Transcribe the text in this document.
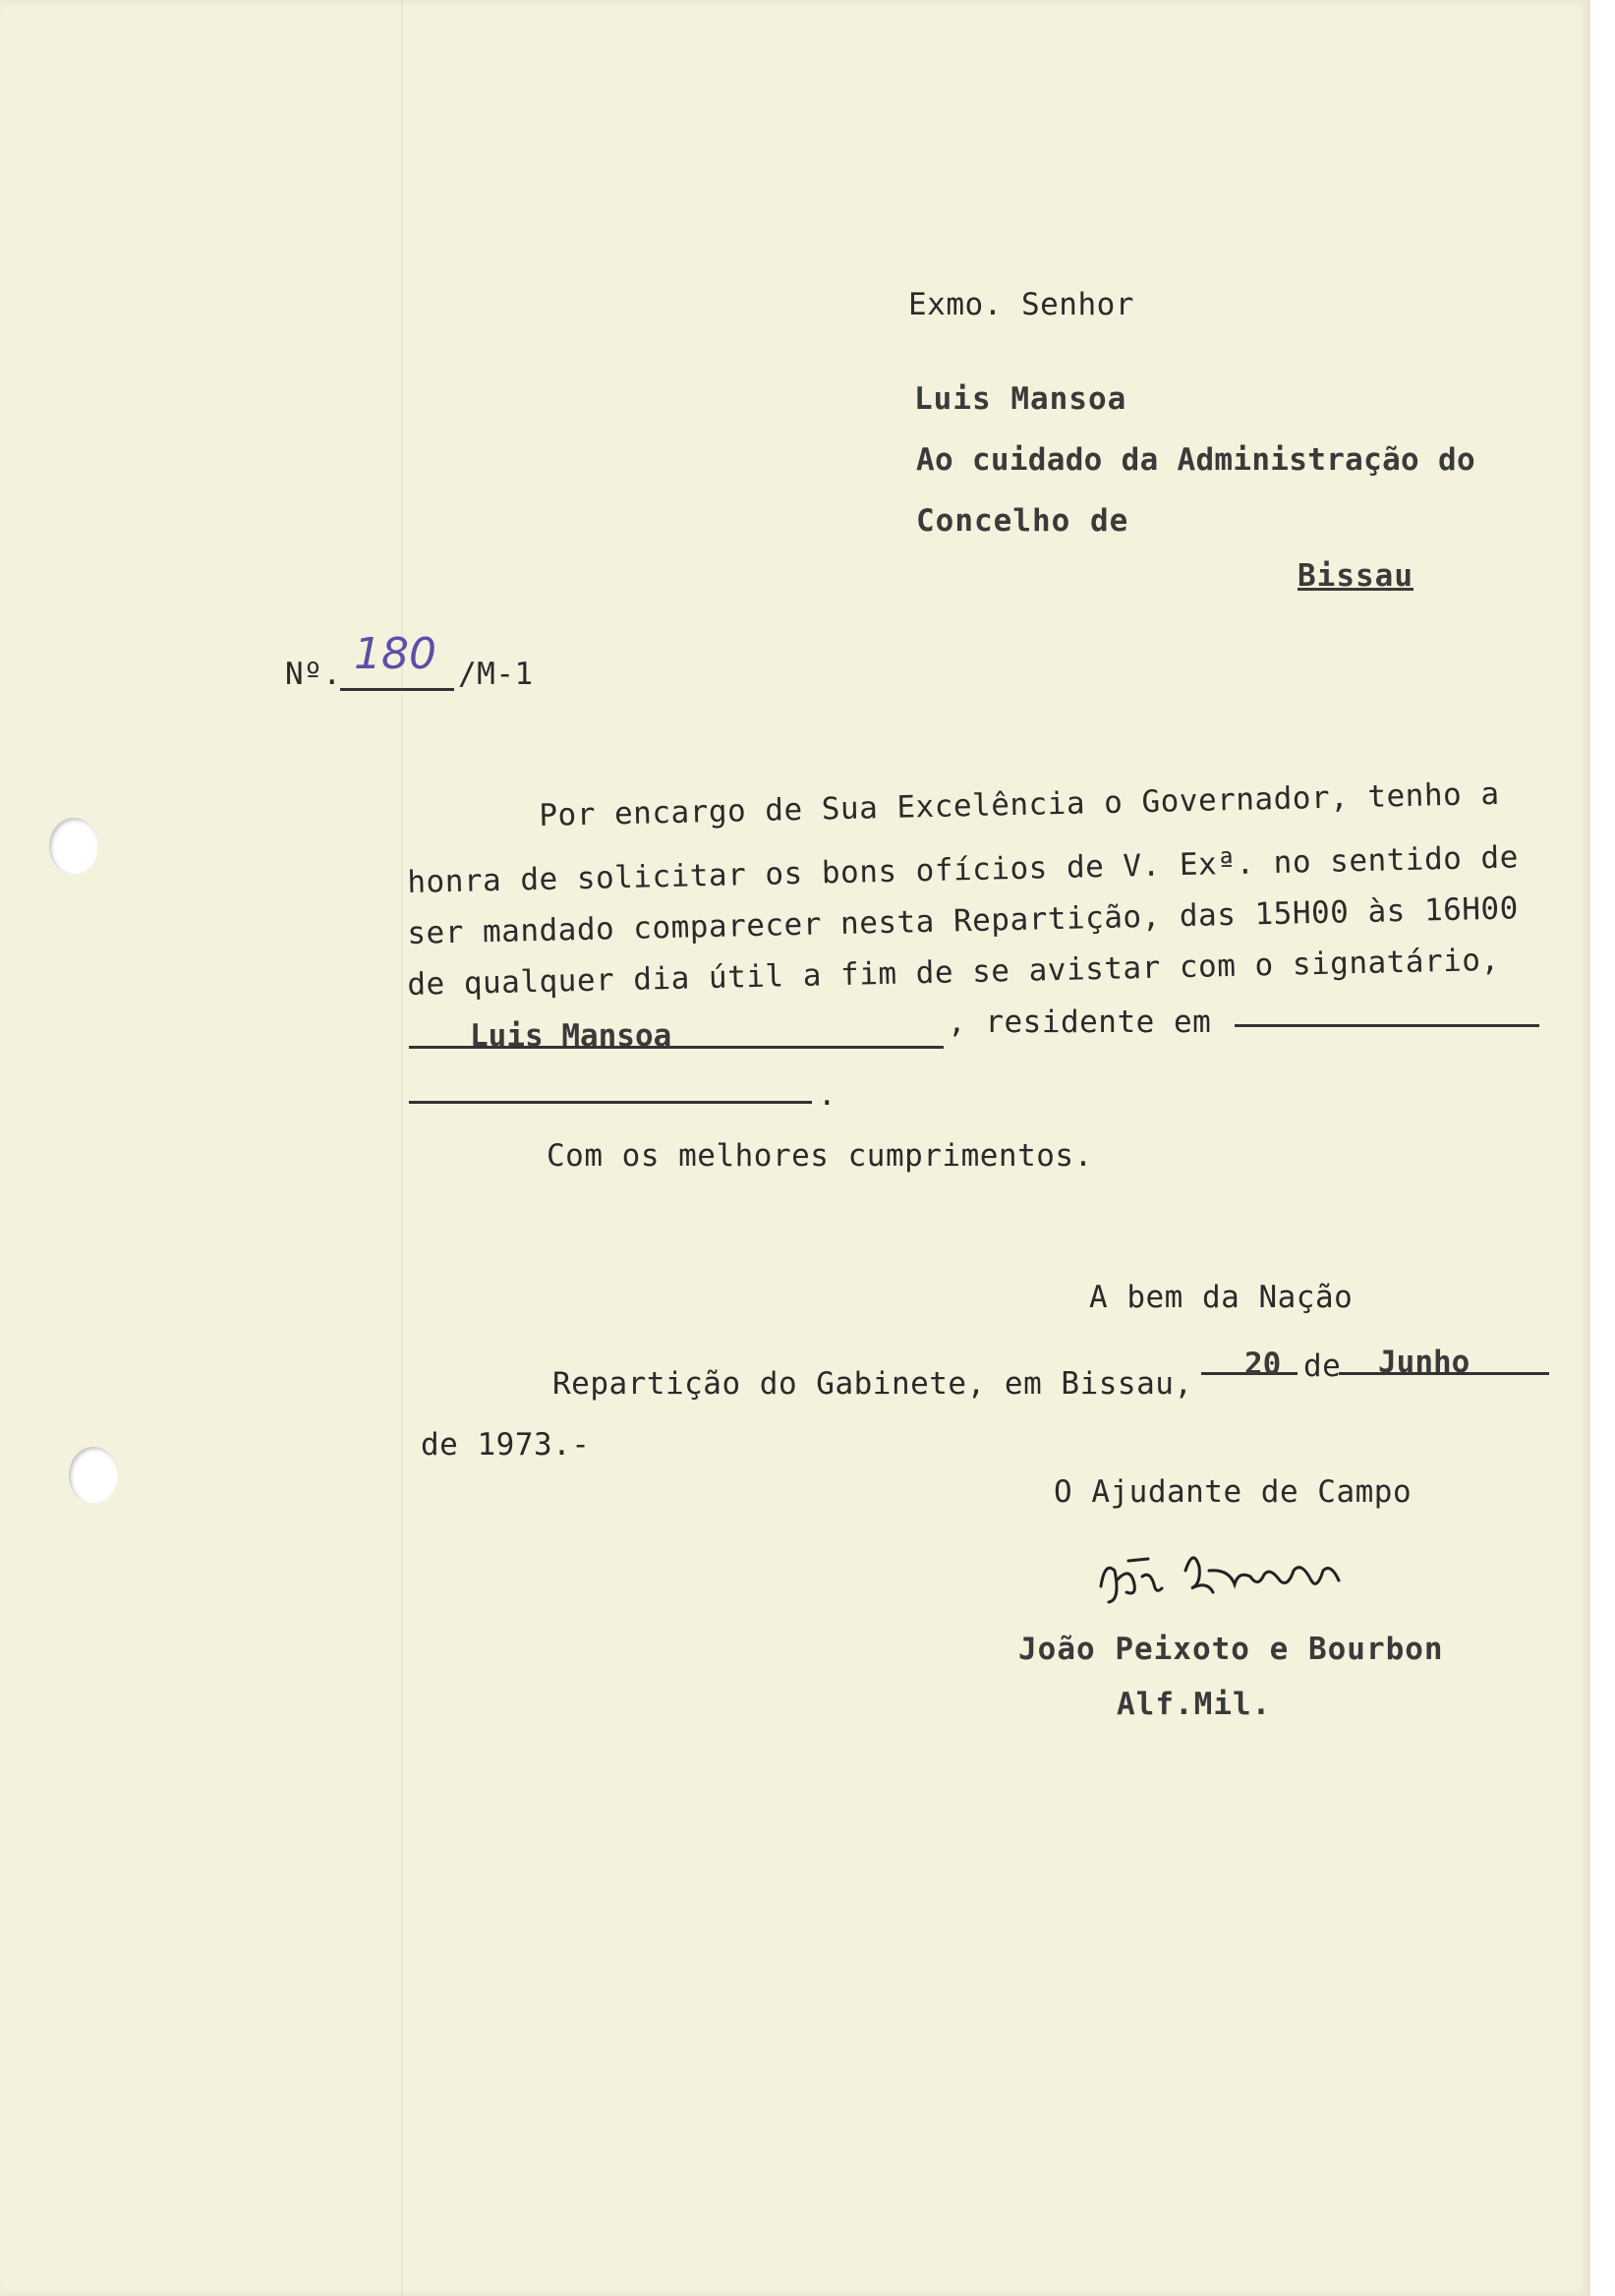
Exmo. Senhor
Luis Mansoa
Ao cuidado da Administração do
Concelho de
Bissau
Nº. 180 /M-1
Por encargo de Sua Excelência o Governador, tenho a
honra de solicitar os bons ofícios de V. Exª. no sentido de
ser mandado comparecer nesta Repartição, das 15H00 às 16H00
de qualquer dia útil a fim de se avistar com o signatário,
Luis Mansoa	, residente em
.
Com os melhores cumprimentos.
A bem da Nação
Repartição do Gabinete, em Bissau,
20 de Junho
de 1973.-
O Ajudante de Campo
João Peixoto e Bourbon
Alf.Mil.
